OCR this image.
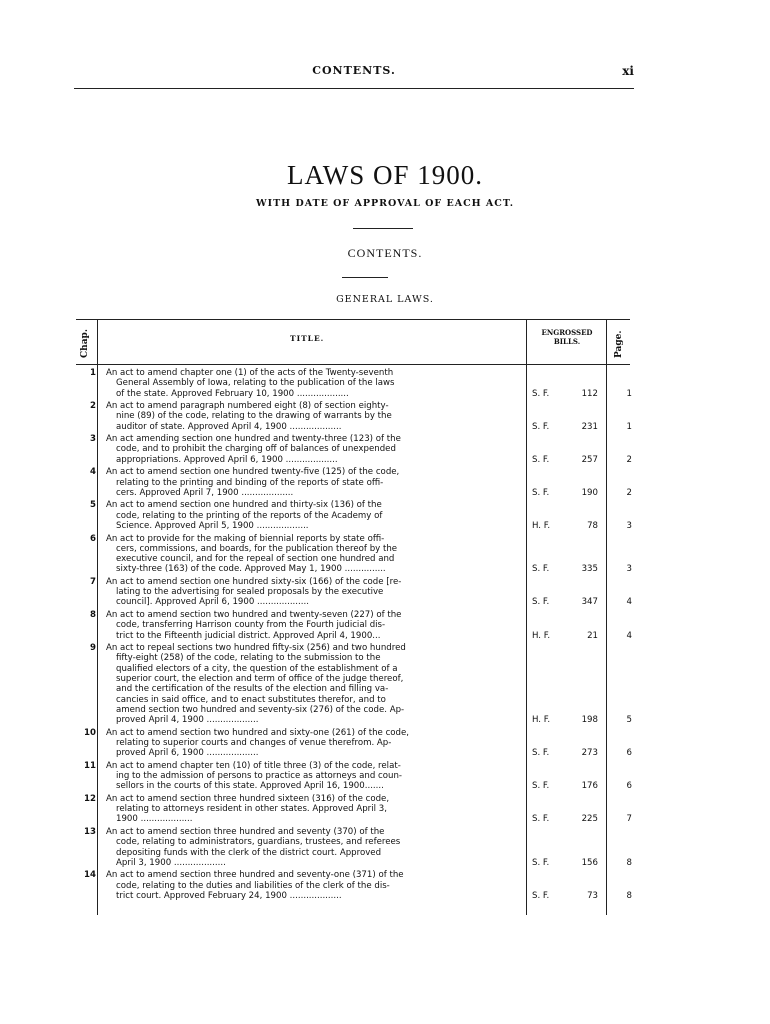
CONTENTS.	xi
LAWS OF 1900.
WITH DATE OF APPROVAL OF EACH ACT.
CONTENTS.
GENERAL LAWS.
Chap.	TITLE.
ENGROSSED BILLS.	Page.
1 An act to amend chapter one (1) of the acts of the Twenty-seventh
General Assembly of Iowa, relating to the publication of the laws
of the state. Approved February 10, 1900 ...................	S. F.	112	1
2 An act to amend paragraph numbered eight (8) of section eighty-
nine (89) of the code, relating to the drawing of warrants by the
auditor of state. Approved April 4, 1900 ...................	S. F.	231	1
3 An act amending section one hundred and twenty-three (123) of the
code, and to prohibit the charging off of balances of unexpended
appropriations. Approved April 6, 1900 ...................	S. F.	257	2
4 An act to amend section one hundred twenty-five (125) of the code,
relating to the printing and binding of the reports of state offi-
cers. Approved April 7, 1900 ...................	S. F.	190	2
5 An act to amend section one hundred and thirty-six (136) of the
code, relating to the printing of the reports of the Academy of
Science. Approved April 5, 1900 ...................	H. F.	78	3
6 An act to provide for the making of biennial reports by state offi-
cers, commissions, and boards, for the publication thereof by the
executive council, and for the repeal of section one hundred and
sixty-three (163) of the code. Approved May 1, 1900 ...............	S. F.	335	3
7 An act to amend section one hundred sixty-six (166) of the code [re-
lating to the advertising for sealed proposals by the executive
council]. Approved April 6, 1900 ...................	S. F.	347	4
8 An act to amend section two hundred and twenty-seven (227) of the
code, transferring Harrison county from the Fourth judicial dis-
trict to the Fifteenth judicial district. Approved April 4, 1900...	H. F.	21	4
9 An act to repeal sections two hundred fifty-six (256) and two hundred
fifty-eight (258) of the code, relating to the submission to the
qualified electors of a city, the question of the establishment of a
superior court, the election and term of office of the judge thereof,
and the certification of the results of the election and filling va-
cancies in said office, and to enact substitutes therefor, and to
amend section two hundred and seventy-six (276) of the code. Ap-
proved April 4, 1900 ...................	H. F.	198	5
10 An act to amend section two hundred and sixty-one (261) of the code,
relating to superior courts and changes of venue therefrom. Ap-
proved April 6, 1900 ...................	S. F.	273	6
11 An act to amend chapter ten (10) of title three (3) of the code, relat-
ing to the admission of persons to practice as attorneys and coun-
sellors in the courts of this state. Approved April 16, 1900.......	S. F.	176	6
12 An act to amend section three hundred sixteen (316) of the code,
relating to attorneys resident in other states. Approved April 3,
1900 ...................	S. F.	225	7
13 An act to amend section three hundred and seventy (370) of the
code, relating to administrators, guardians, trustees, and referees
depositing funds with the clerk of the district court. Approved
April 3, 1900 ...................	S. F.	156	8
14 An act to amend section three hundred and seventy-one (371) of the
code, relating to the duties and liabilities of the clerk of the dis-
trict court. Approved February 24, 1900 ...................	S. F.	73	8
